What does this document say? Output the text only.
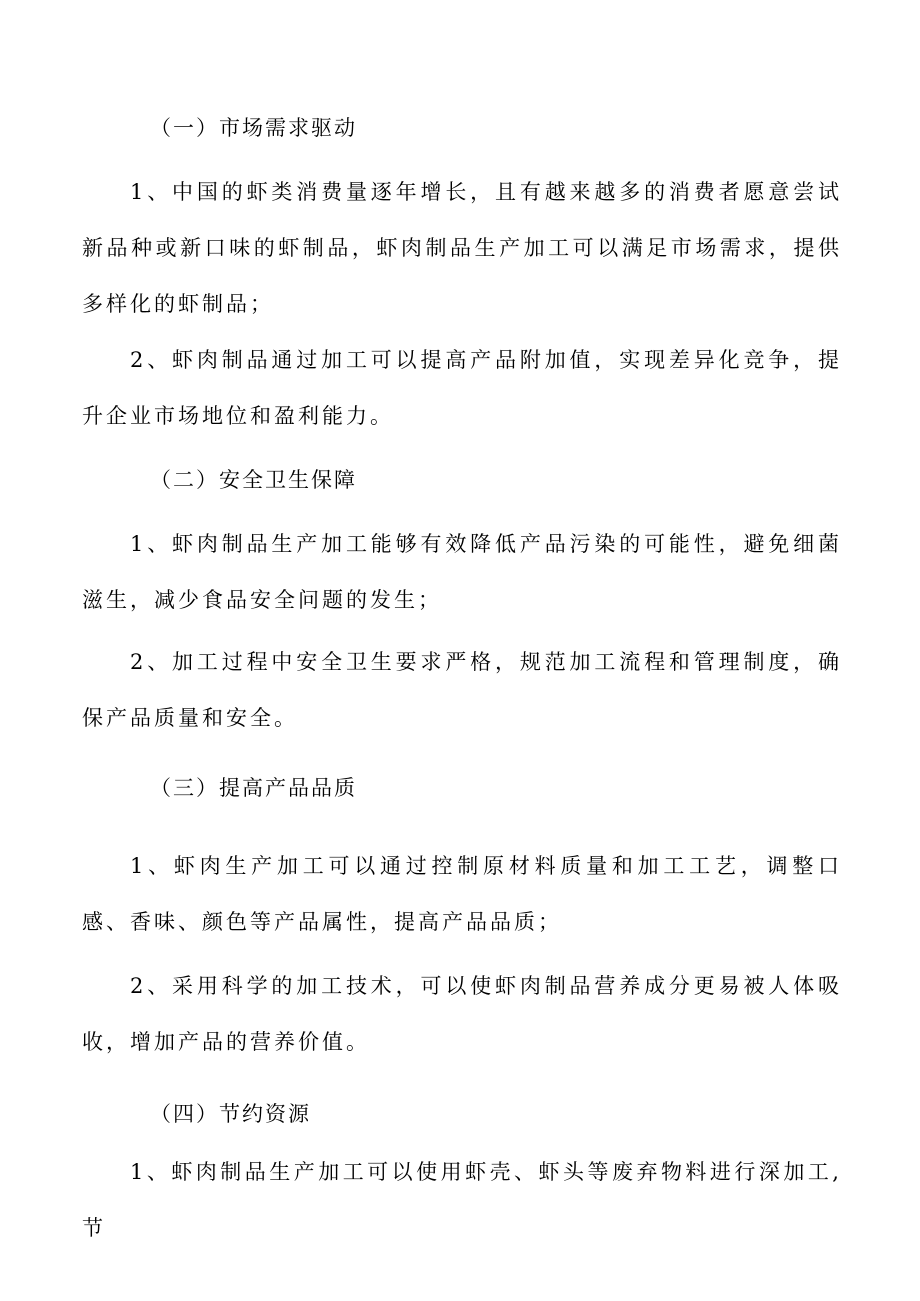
（一）市场需求驱动
1、中国的虾类消费量逐年增长，且有越来越多的消费者愿意尝试新品种或新口味的虾制品，虾肉制品生产加工可以满足市场需求，提供多样化的虾制品；
2、虾肉制品通过加工可以提高产品附加值，实现差异化竞争，提升企业市场地位和盈利能力。
（二）安全卫生保障
1、虾肉制品生产加工能够有效降低产品污染的可能性，避免细菌滋生，减少食品安全问题的发生；
2、加工过程中安全卫生要求严格，规范加工流程和管理制度，确保产品质量和安全。
（三）提高产品品质
1、虾肉生产加工可以通过控制原材料质量和加工工艺，调整口感、香味、颜色等产品属性，提高产品品质；
2、采用科学的加工技术，可以使虾肉制品营养成分更易被人体吸收，增加产品的营养价值。
（四）节约资源
1、虾肉制品生产加工可以使用虾壳、虾头等废弃物料进行深加工,节
